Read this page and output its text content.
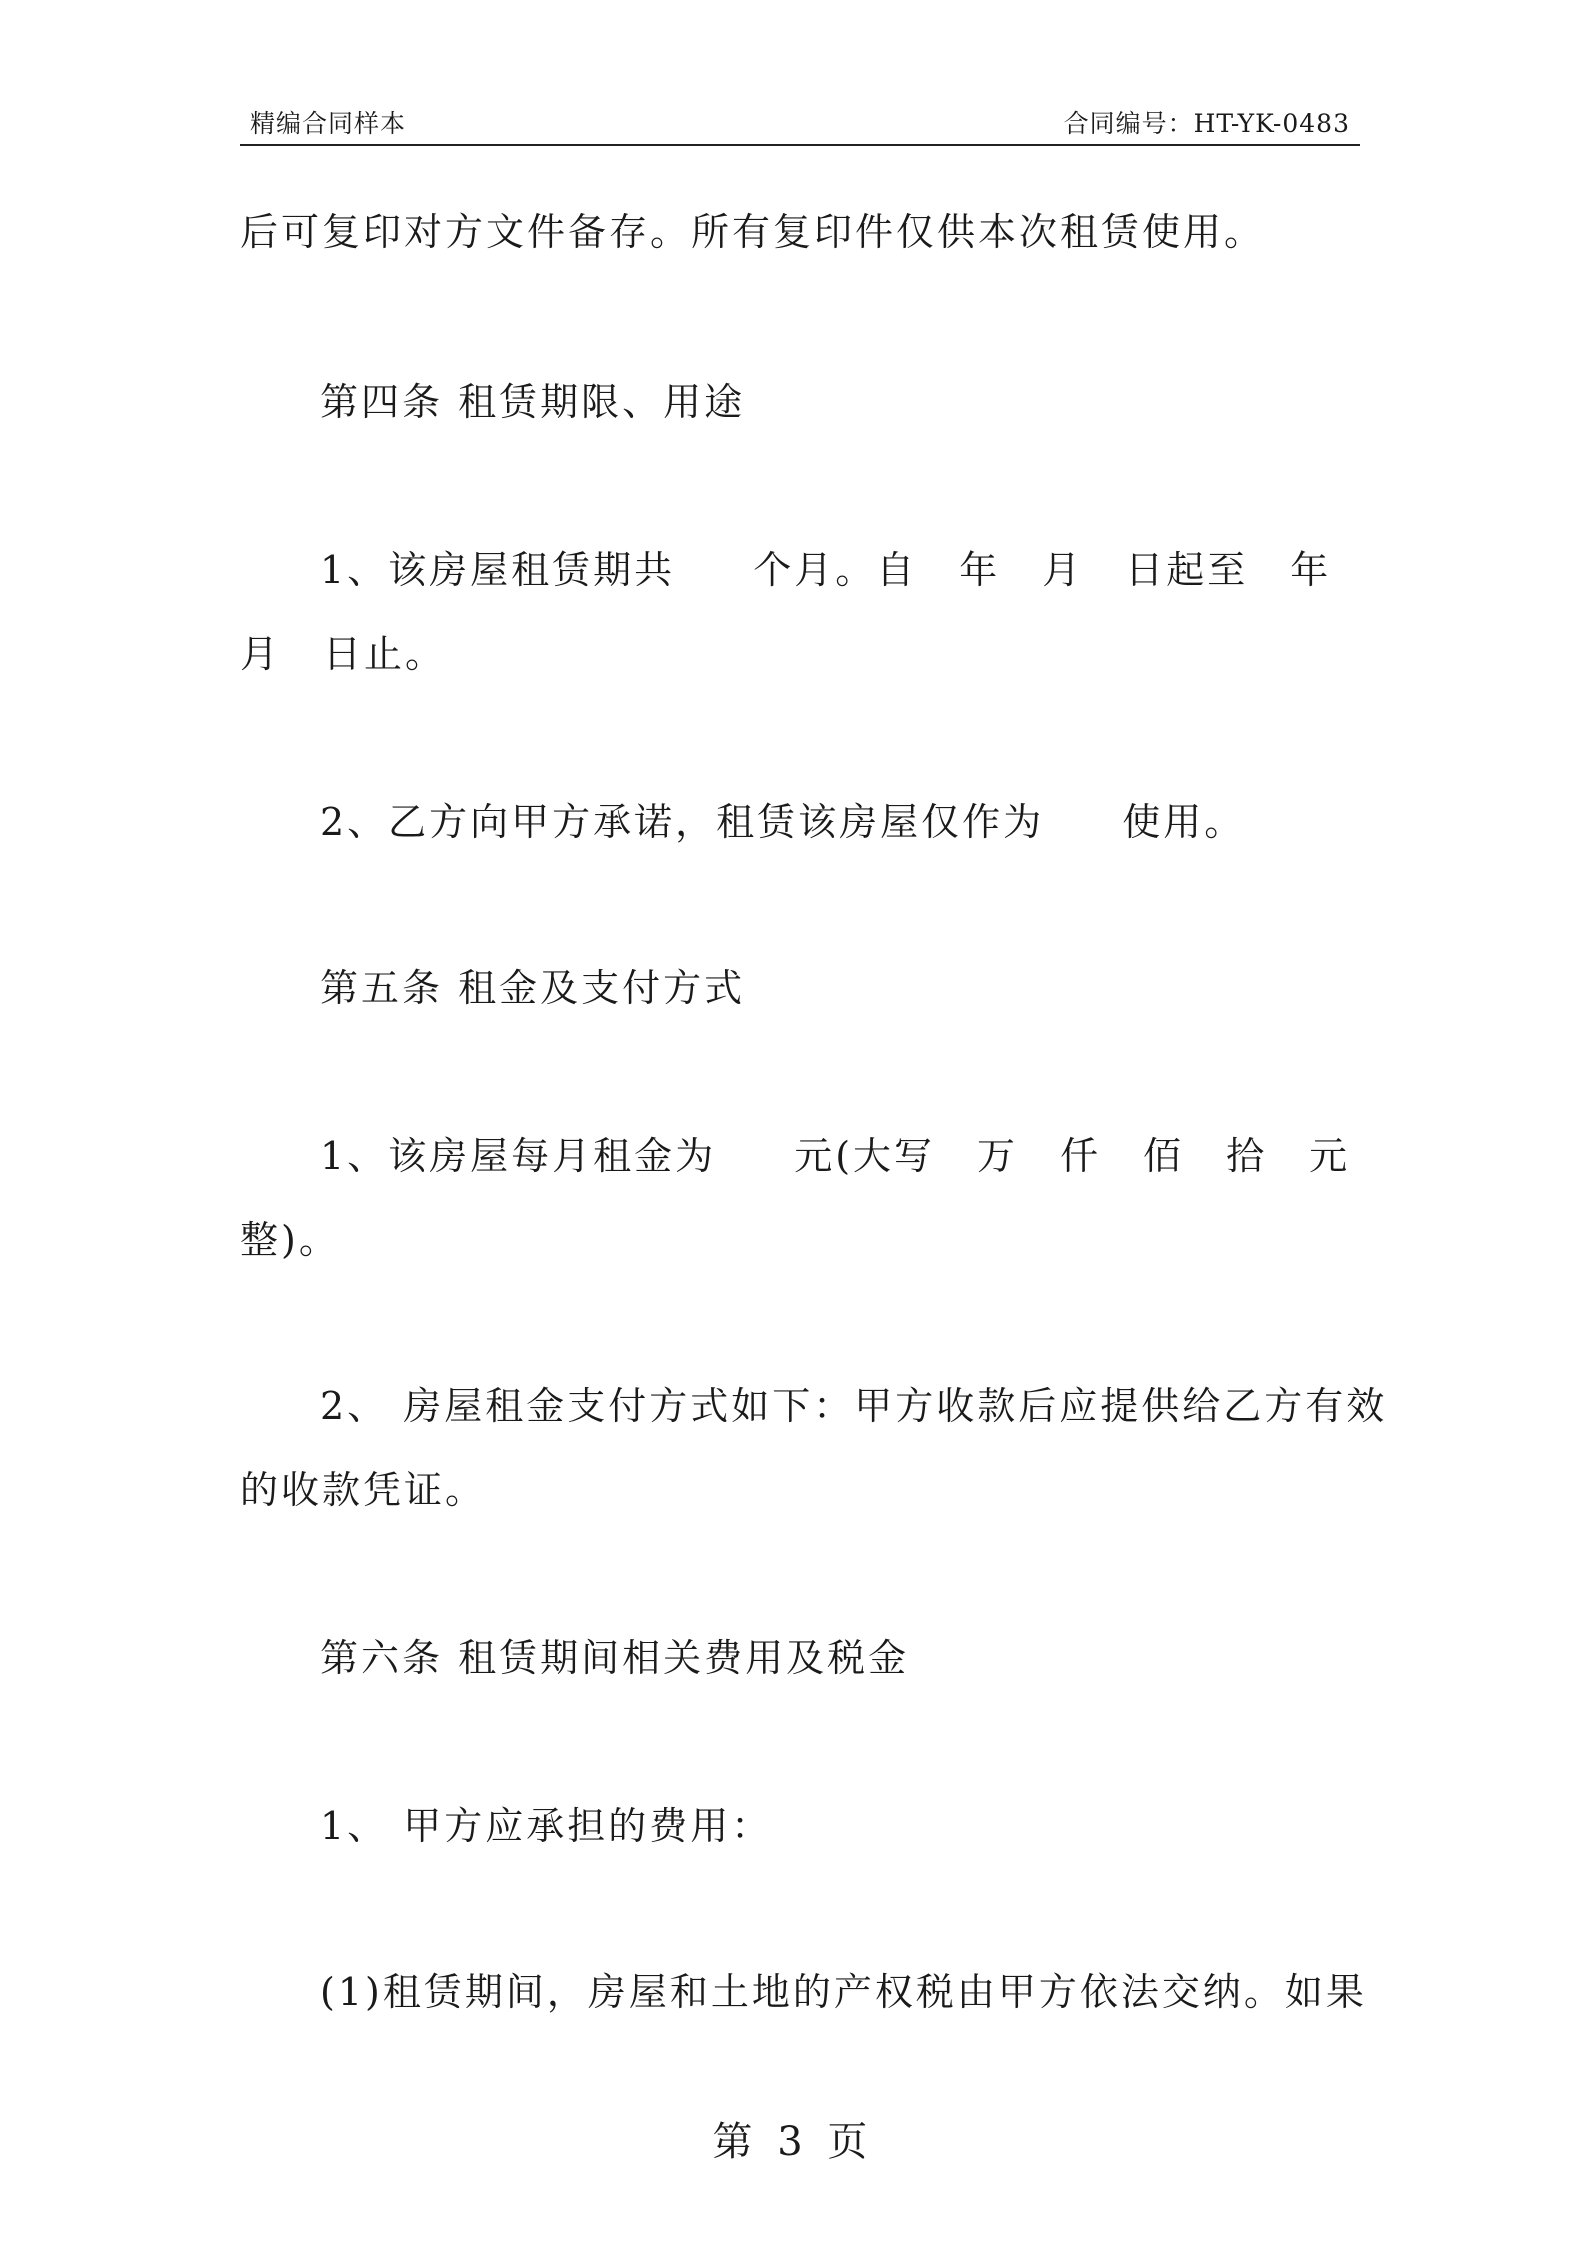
精编合同样本	合同编号：HT-YK-0483
后可复印对方文件备存。所有复印件仅供本次租赁使用。
第四条 租赁期限、用途
1、该房屋租赁期共 个月。自 年 月 日起至 年
月 日止。
2、乙方向甲方承诺，租赁该房屋仅作为 使用。
第五条 租金及支付方式
1、该房屋每月租金为 元(大写 万 仟 佰 拾 元
整)。
2、 房屋租金支付方式如下：甲方收款后应提供给乙方有效
的收款凭证。
第六条 租赁期间相关费用及税金
1、 甲方应承担的费用：
(1)租赁期间，房屋和土地的产权税由甲方依法交纳。如果
第 3 页
